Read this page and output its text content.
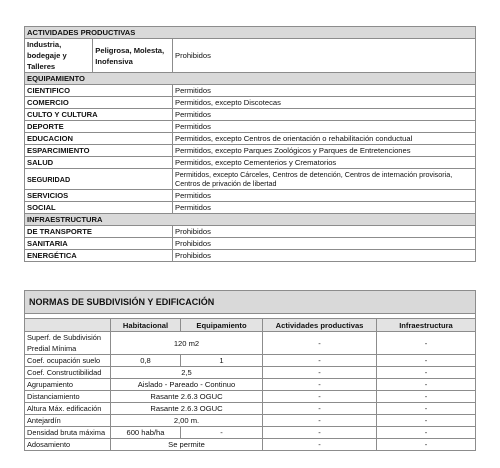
ACTIVIDADES PRODUCTIVAS		
Industria, bodegaje y Talleres	Peligrosa, Molesta, Inofensiva	Prohibidos
EQUIPAMIENTO		
CIENTIFICO		Permitidos
COMERCIO		Permitidos, excepto Discotecas
CULTO Y CULTURA		Permitidos
DEPORTE		Permitidos
EDUCACION		Permitidos, excepto Centros de orientación o rehabilitación conductual
ESPARCIMIENTO		Permitidos, excepto Parques Zoológicos y Parques de Entretenciones
SALUD		Permitidos, excepto Cementerios y Crematorios
SEGURIDAD		Permitidos, excepto Cárceles, Centros de detención, Centros de internación provisoria, Centros de privación de libertad
SERVICIOS		Permitidos
SOCIAL		Permitidos
INFRAESTRUCTURA		
DE TRANSPORTE		Prohibidos
SANITARIA		Prohibidos
ENERGÉTICA		Prohibidos
NORMAS DE SUBDIVISIÓN Y EDIFICACIÓN				

	Habitacional	Equipamiento	Actividades productivas	Infraestructura
Superf. de Subdivisión Predial Mínima	120 m2		-	-
Coef. ocupación suelo	0,8	1	-	-
Coef. Constructibilidad	2,5		-	-
Agrupamiento	Aislado - Pareado - Continuo		-	-
Distanciamiento	Rasante 2.6.3 OGUC		-	-
Altura Máx. edificación	Rasante 2.6.3 OGUC		-	-
Antejardín	2,00 m.		-	-
Densidad bruta máxima	600 hab/ha	-	-	-
Adosamiento	Se permite		-	-
